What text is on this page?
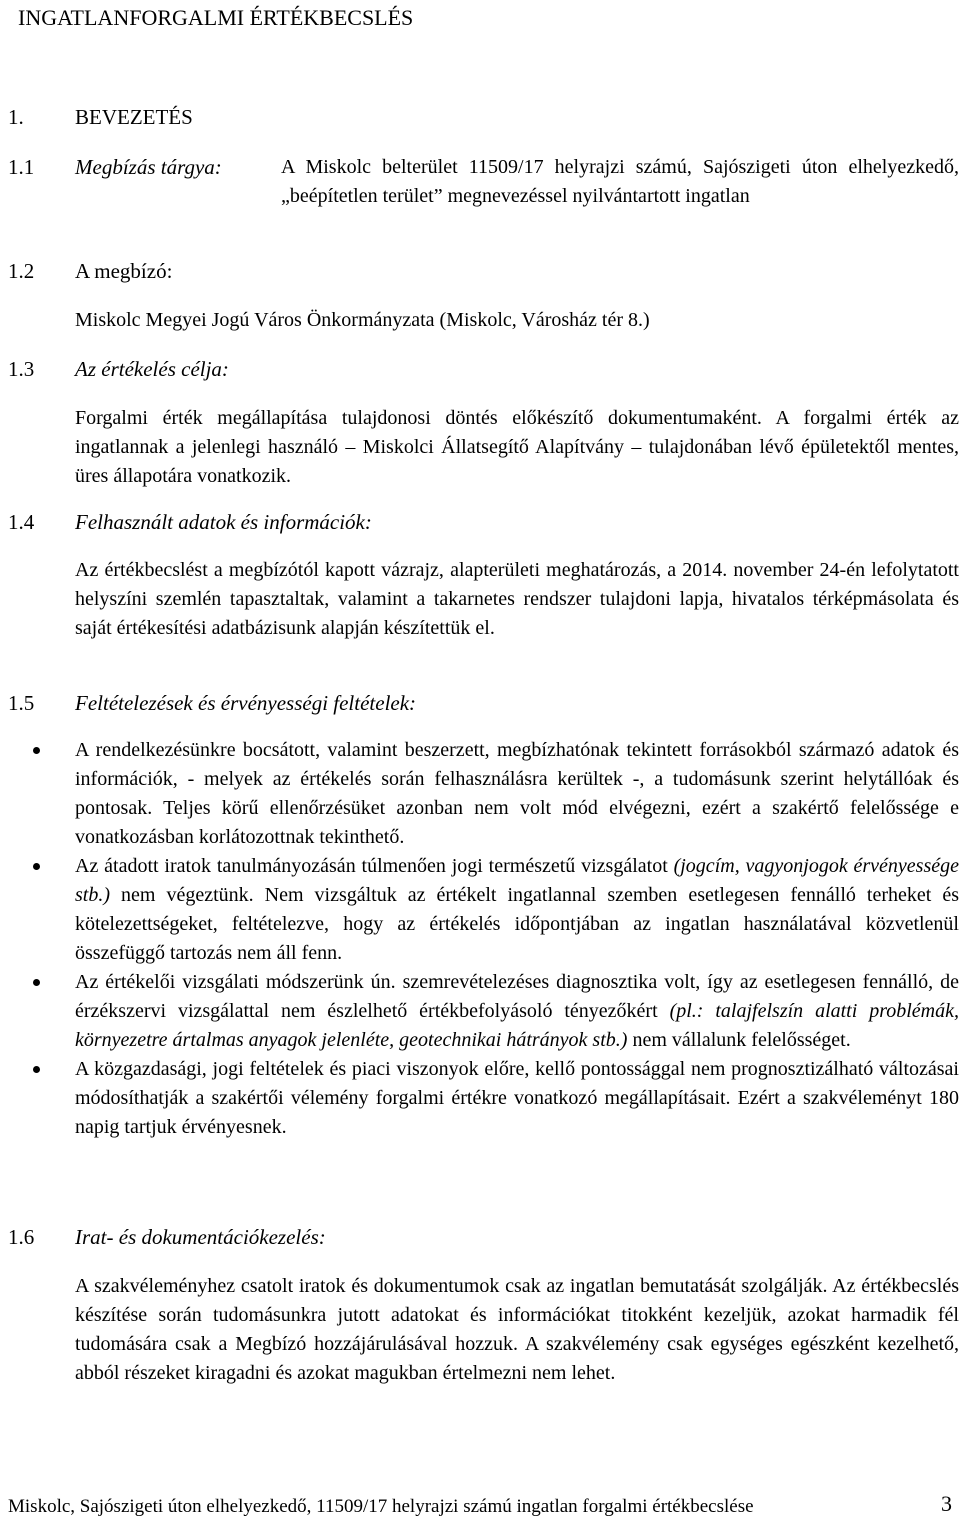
INGATLANFORGALMI ÉRTÉKBECSLÉS
1. BEVEZETÉS
1.1 Megbízás tárgya:	A Miskolc belterület 11509/17 helyrajzi számú, Sajószigeti úton elhelyezkedő, „beépítetlen terület” megnevezéssel nyilvántartott ingatlan

1.2 A megbízó:

Miskolc Megyei Jogú Város Önkormányzata (Miskolc, Városház tér 8.)

1.3 Az értékelés célja:

Forgalmi érték megállapítása tulajdonosi döntés előkészítő dokumentumaként. A forgalmi érték az ingatlannak a jelenlegi használó – Miskolci Állatsegítő Alapítvány – tulajdonában lévő épületektől mentes, üres állapotára vonatkozik.

1.4 Felhasznált adatok és információk:

Az értékbecslést a megbízótól kapott vázrajz, alapterületi meghatározás, a 2014. november 24-én lefolytatott helyszíni szemlén tapasztaltak, valamint a takarnetes rendszer tulajdoni lapja, hivatalos térképmásolata és saját értékesítési adatbázisunk alapján készítettük el.

1.5 Feltételezések és érvényességi feltételek:
A rendelkezésünkre bocsátott, valamint beszerzett, megbízhatónak tekintett forrásokból származó adatok és információk, - melyek az értékelés során felhasználásra kerültek -, a tudomásunk szerint helytállóak és pontosak. Teljes körű ellenőrzésüket azonban nem volt mód elvégezni, ezért a szakértő felelőssége e vonatkozásban korlátozottnak tekinthető.
Az átadott iratok tanulmányozásán túlmenően jogi természetű vizsgálatot (jogcím, vagyonjogok érvényessége stb.) nem végeztünk. Nem vizsgáltuk az értékelt ingatlannal szemben esetlegesen fennálló terheket és kötelezettségeket, feltételezve, hogy az értékelés időpontjában az ingatlan használatával közvetlenül összefüggő tartozás nem áll fenn.
Az értékelői vizsgálati módszerünk ún. szemrevételezéses diagnosztika volt, így az esetlegesen fennálló, de érzékszervi vizsgálattal nem észlelhető értékbefolyásoló tényezőkért (pl.: talajfelszín alatti problémák, környezetre ártalmas anyagok jelenléte, geotechnikai hátrányok stb.) nem vállalunk felelősséget.
A közgazdasági, jogi feltételek és piaci viszonyok előre, kellő pontossággal nem prognosztizálható változásai módosíthatják a szakértői vélemény forgalmi értékre vonatkozó megállapításait. Ezért a szakvéleményt 180 napig tartjuk érvényesnek.
1.6 Irat- és dokumentációkezelés:

A szakvéleményhez csatolt iratok és dokumentumok csak az ingatlan bemutatását szolgálják. Az értékbecslés készítése során tudomásunkra jutott adatokat és információkat titokként kezeljük, azokat harmadik fél tudomására csak a Megbízó hozzájárulásával hozzuk. A szakvélemény csak egységes egészként kezelhető, abból részeket kiragadni és azokat magukban értelmezni nem lehet.

Miskolc, Sajószigeti úton elhelyezkedő, 11509/17 helyrajzi számú ingatlan forgalmi értékbecslése	3
